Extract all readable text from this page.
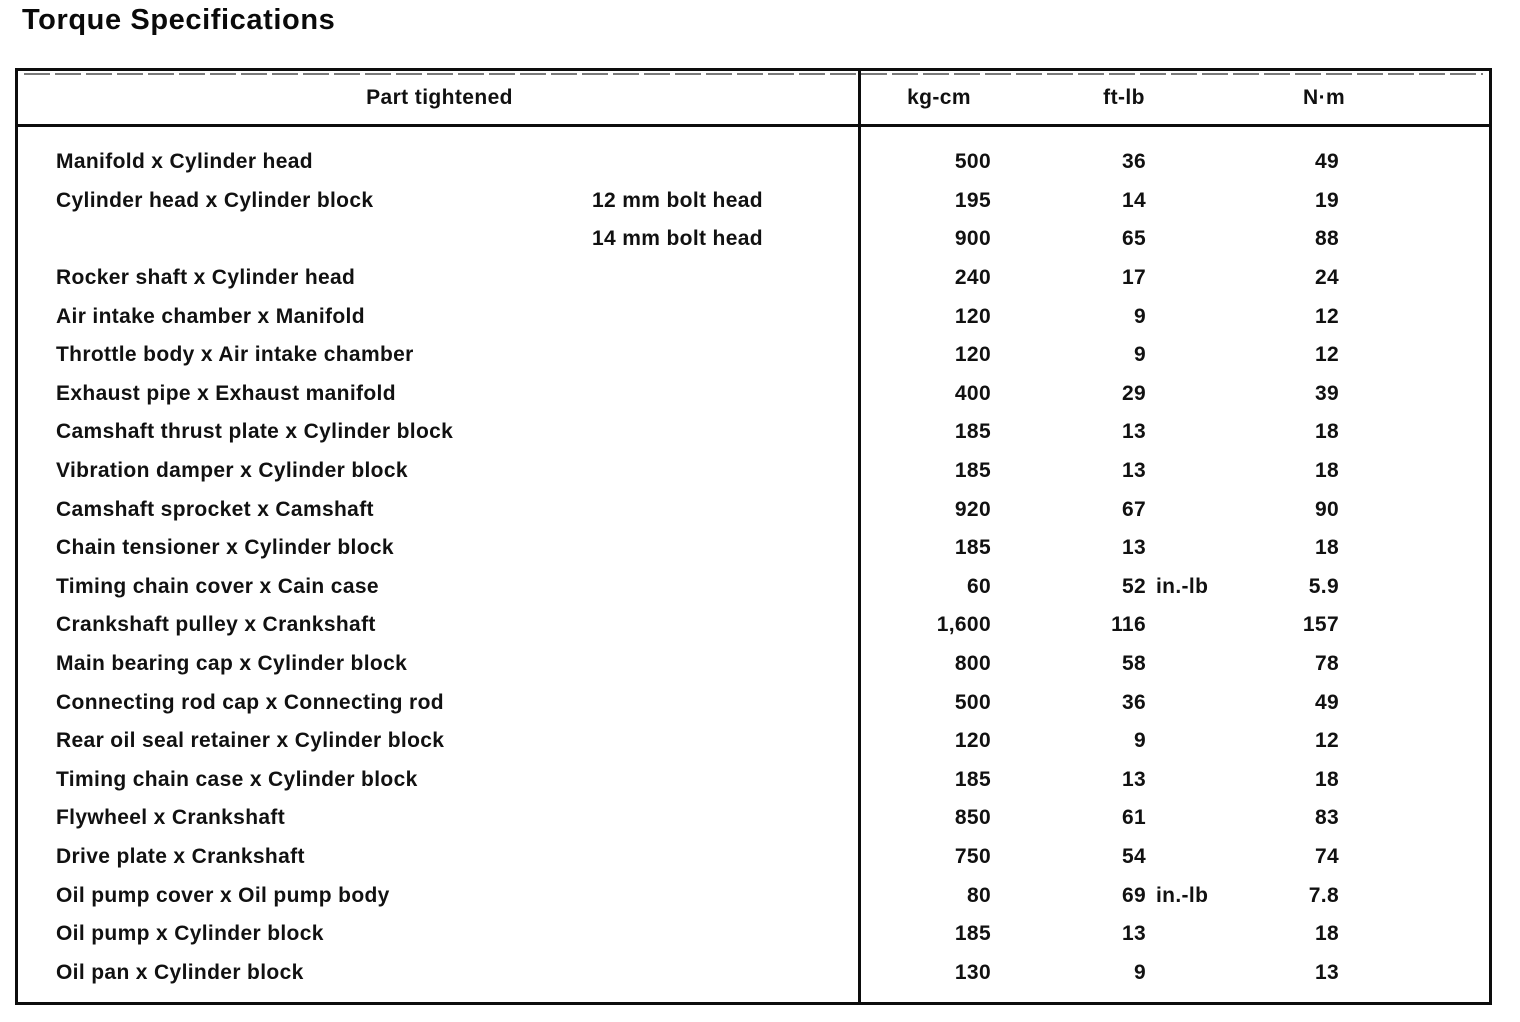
Torque Specifications
Part tightened	kg-cm	ft-lb	N·m
Manifold x Cylinder head	500	36	49
Cylinder head x Cylinder block	12 mm bolt head	195	14	19
14 mm bolt head	900	65	88
Rocker shaft x Cylinder head	240	17	24
Air intake chamber x Manifold	120	9	12
Throttle body x Air intake chamber	120	9	12
Exhaust pipe x Exhaust manifold	400	29	39
Camshaft thrust plate x Cylinder block	185	13	18
Vibration damper x Cylinder block	185	13	18
Camshaft sprocket x Camshaft	920	67	90
Chain tensioner x Cylinder block	185	13	18
Timing chain cover x Cain case	60	52 in.-lb	5.9
Crankshaft pulley x Crankshaft	1,600	116	157
Main bearing cap x Cylinder block	800	58	78
Connecting rod cap x Connecting rod	500	36	49
Rear oil seal retainer x Cylinder block	120	9	12
Timing chain case x Cylinder block	185	13	18
Flywheel x Crankshaft	850	61	83
Drive plate x Crankshaft	750	54	74
Oil pump cover x Oil pump body	80	69 in.-lb	7.8
Oil pump x Cylinder block	185	13	18
Oil pan x Cylinder block	130	9	13
